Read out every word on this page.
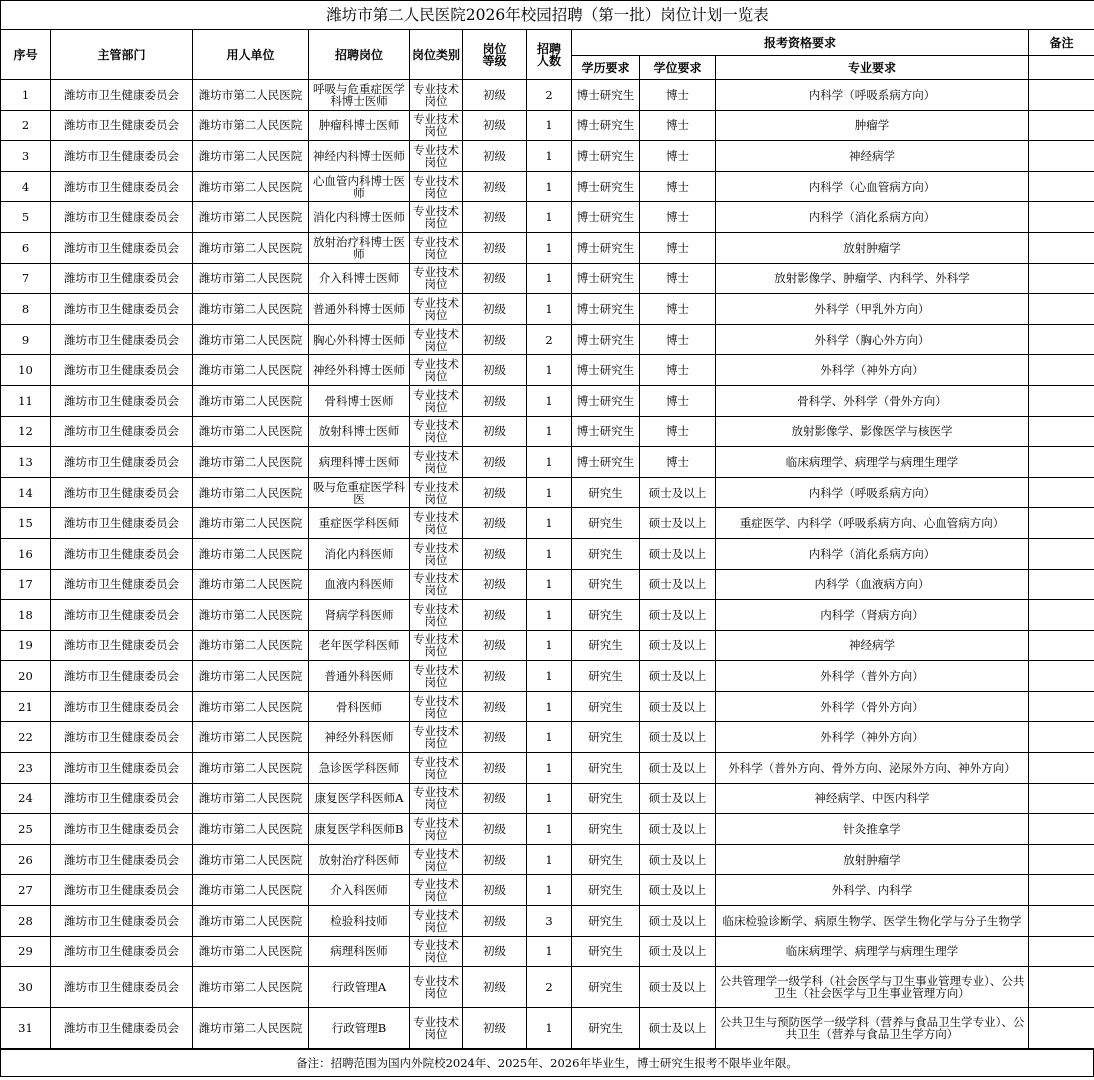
潍坊市第二人民医院2026年校园招聘（第一批）岗位计划一览表										
序号	主管部门	用人单位	招聘岗位	岗位类别	岗位等级	招聘人数	报考资格要求			备注
							学历要求	学位要求	专业要求	
1	潍坊市卫生健康委员会	潍坊市第二人民医院	呼吸与危重症医学科博士医师	专业技术岗位	初级	2	博士研究生	博士	内科学（呼吸系病方向）	
2	潍坊市卫生健康委员会	潍坊市第二人民医院	肿瘤科博士医师	专业技术岗位	初级	1	博士研究生	博士	肿瘤学	
3	潍坊市卫生健康委员会	潍坊市第二人民医院	神经内科博士医师	专业技术岗位	初级	1	博士研究生	博士	神经病学	
4	潍坊市卫生健康委员会	潍坊市第二人民医院	心血管内科博士医师	专业技术岗位	初级	1	博士研究生	博士	内科学（心血管病方向）	
5	潍坊市卫生健康委员会	潍坊市第二人民医院	消化内科博士医师	专业技术岗位	初级	1	博士研究生	博士	内科学（消化系病方向）	
6	潍坊市卫生健康委员会	潍坊市第二人民医院	放射治疗科博士医师	专业技术岗位	初级	1	博士研究生	博士	放射肿瘤学	
7	潍坊市卫生健康委员会	潍坊市第二人民医院	介入科博士医师	专业技术岗位	初级	1	博士研究生	博士	放射影像学、肿瘤学、内科学、外科学	
8	潍坊市卫生健康委员会	潍坊市第二人民医院	普通外科博士医师	专业技术岗位	初级	1	博士研究生	博士	外科学（甲乳外方向）	
9	潍坊市卫生健康委员会	潍坊市第二人民医院	胸心外科博士医师	专业技术岗位	初级	2	博士研究生	博士	外科学（胸心外方向）	
10	潍坊市卫生健康委员会	潍坊市第二人民医院	神经外科博士医师	专业技术岗位	初级	1	博士研究生	博士	外科学（神外方向）	
11	潍坊市卫生健康委员会	潍坊市第二人民医院	骨科博士医师	专业技术岗位	初级	1	博士研究生	博士	骨科学、外科学（骨外方向）	
12	潍坊市卫生健康委员会	潍坊市第二人民医院	放射科博士医师	专业技术岗位	初级	1	博士研究生	博士	放射影像学、影像医学与核医学	
13	潍坊市卫生健康委员会	潍坊市第二人民医院	病理科博士医师	专业技术岗位	初级	1	博士研究生	博士	临床病理学、病理学与病理生理学	
14	潍坊市卫生健康委员会	潍坊市第二人民医院	吸与危重症医学科医	专业技术岗位	初级	1	研究生	硕士及以上	内科学（呼吸系病方向）	
15	潍坊市卫生健康委员会	潍坊市第二人民医院	重症医学科医师	专业技术岗位	初级	1	研究生	硕士及以上	重症医学、内科学（呼吸系病方向、心血管病方向）	
16	潍坊市卫生健康委员会	潍坊市第二人民医院	消化内科医师	专业技术岗位	初级	1	研究生	硕士及以上	内科学（消化系病方向）	
17	潍坊市卫生健康委员会	潍坊市第二人民医院	血液内科医师	专业技术岗位	初级	1	研究生	硕士及以上	内科学（血液病方向）	
18	潍坊市卫生健康委员会	潍坊市第二人民医院	肾病学科医师	专业技术岗位	初级	1	研究生	硕士及以上	内科学（肾病方向）	
19	潍坊市卫生健康委员会	潍坊市第二人民医院	老年医学科医师	专业技术岗位	初级	1	研究生	硕士及以上	神经病学	
20	潍坊市卫生健康委员会	潍坊市第二人民医院	普通外科医师	专业技术岗位	初级	1	研究生	硕士及以上	外科学（普外方向）	
21	潍坊市卫生健康委员会	潍坊市第二人民医院	骨科医师	专业技术岗位	初级	1	研究生	硕士及以上	外科学（骨外方向）	
22	潍坊市卫生健康委员会	潍坊市第二人民医院	神经外科医师	专业技术岗位	初级	1	研究生	硕士及以上	外科学（神外方向）	
23	潍坊市卫生健康委员会	潍坊市第二人民医院	急诊医学科医师	专业技术岗位	初级	1	研究生	硕士及以上	外科学（普外方向、骨外方向、泌尿外方向、神外方向）	
24	潍坊市卫生健康委员会	潍坊市第二人民医院	康复医学科医师A	专业技术岗位	初级	1	研究生	硕士及以上	神经病学、中医内科学	
25	潍坊市卫生健康委员会	潍坊市第二人民医院	康复医学科医师B	专业技术岗位	初级	1	研究生	硕士及以上	针灸推拿学	
26	潍坊市卫生健康委员会	潍坊市第二人民医院	放射治疗科医师	专业技术岗位	初级	1	研究生	硕士及以上	放射肿瘤学	
27	潍坊市卫生健康委员会	潍坊市第二人民医院	介入科医师	专业技术岗位	初级	1	研究生	硕士及以上	外科学、内科学	
28	潍坊市卫生健康委员会	潍坊市第二人民医院	检验科技师	专业技术岗位	初级	3	研究生	硕士及以上	临床检验诊断学、病原生物学、医学生物化学与分子生物学	
29	潍坊市卫生健康委员会	潍坊市第二人民医院	病理科医师	专业技术岗位	初级	1	研究生	硕士及以上	临床病理学、病理学与病理生理学	
30	潍坊市卫生健康委员会	潍坊市第二人民医院	行政管理A	专业技术岗位	初级	2	研究生	硕士及以上	公共管理学一级学科（社会医学与卫生事业管理专业）、公共卫生（社会医学与卫生事业管理方向）	
31	潍坊市卫生健康委员会	潍坊市第二人民医院	行政管理B	专业技术岗位	初级	1	研究生	硕士及以上	公共卫生与预防医学一级学科（营养与食品卫生学专业）、公共卫生（营养与食品卫生学方向）	
备注：招聘范围为国内外院校2024年、2025年、2026年毕业生，博士研究生报考不限毕业年限。
